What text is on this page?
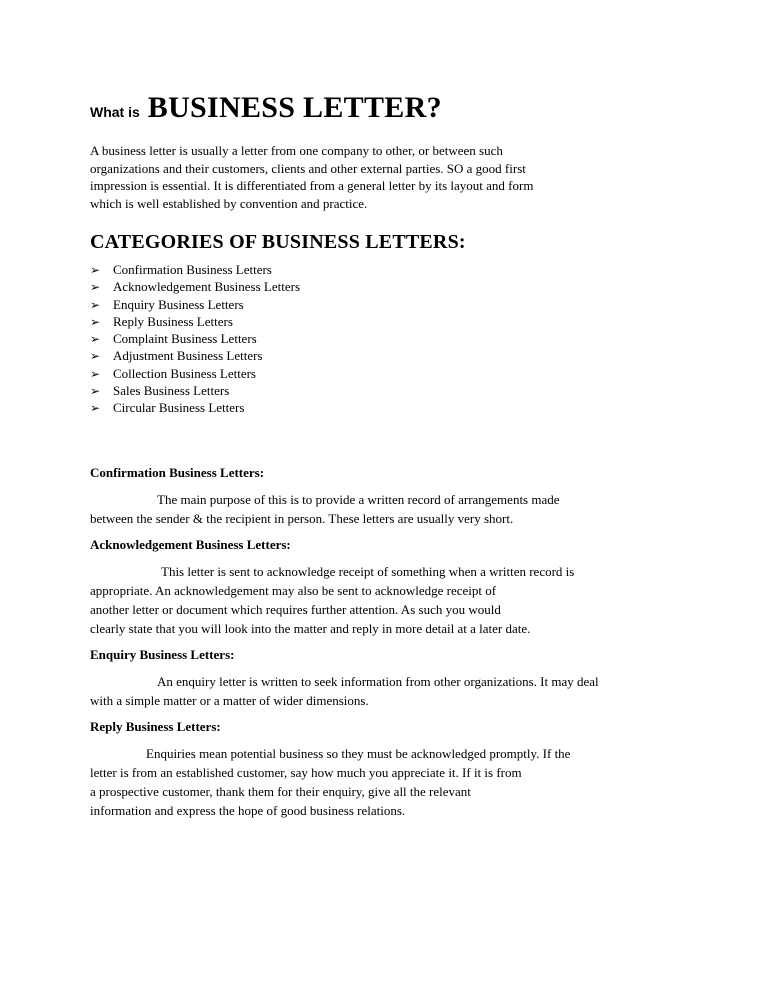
What is BUSINESS LETTER?
A business letter is usually a letter from one company to other, or between such
organizations and their customers, clients and other external parties. SO a good first
impression is essential. It is differentiated from a general letter by its layout and form
which is well established by convention and practice.
CATEGORIES OF BUSINESS LETTERS:
➢ Confirmation Business Letters
➢ Acknowledgement Business Letters
➢ Enquiry Business Letters
➢ Reply Business Letters
➢ Complaint Business Letters
➢ Adjustment Business Letters
➢ Collection Business Letters
➢ Sales Business Letters
➢ Circular Business Letters
Confirmation Business Letters:
The main purpose of this is to provide a written record of arrangements made
between the sender & the recipient in person. These letters are usually very short.
Acknowledgement Business Letters:
This letter is sent to acknowledge receipt of something when a written record is
appropriate. An acknowledgement may also be sent to acknowledge receipt of
another letter or document which requires further attention. As such you would
clearly state that you will look into the matter and reply in more detail at a later date.
Enquiry Business Letters:
An enquiry letter is written to seek information from other organizations. It may deal
with a simple matter or a matter of wider dimensions.
Reply Business Letters:
Enquiries mean potential business so they must be acknowledged promptly. If the
letter is from an established customer, say how much you appreciate it. If it is from
a prospective customer, thank them for their enquiry, give all the relevant
information and express the hope of good business relations.
